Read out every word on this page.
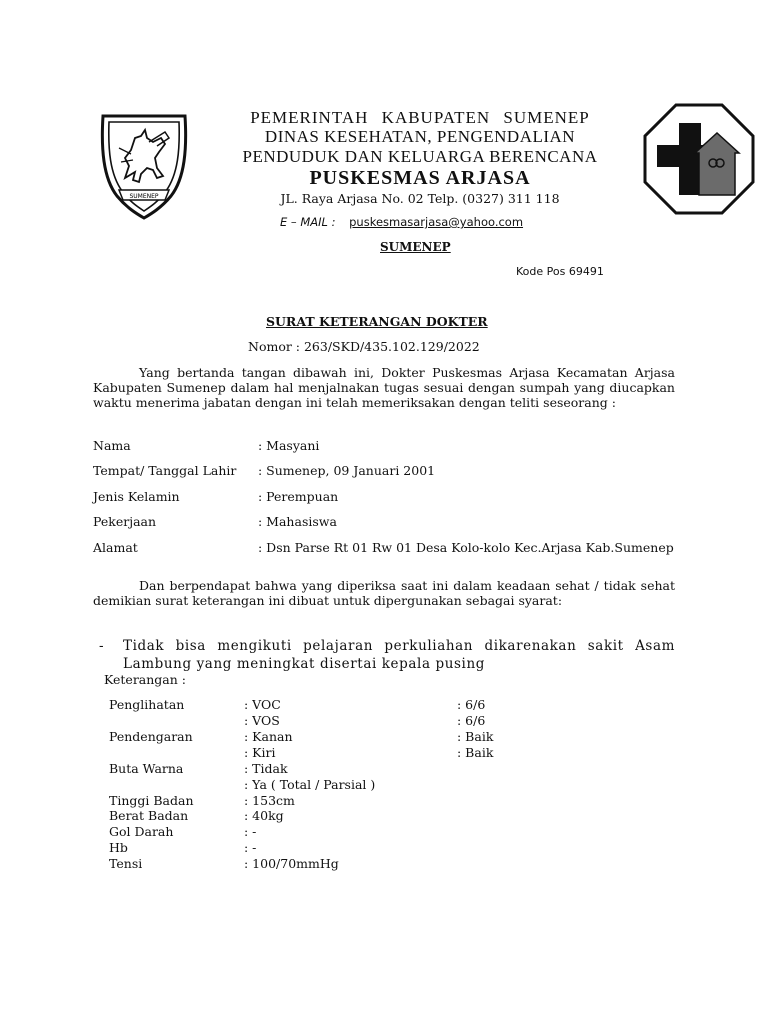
SUMENEP
PEMERINTAH KABUPATEN SUMENEP
DINAS KESEHATAN, PENGENDALIAN
PENDUDUK DAN KELUARGA BERENCANA
PUSKESMAS ARJASA
JL. Raya Arjasa No. 02 Telp. (0327) 311 118
E – MAIL : puskesmasarjasa@yahoo.com
SUMENEP
Kode Pos 69491
SURAT KETERANGAN DOKTER
Nomor : 263/SKD/435.102.129/2022
Yang bertanda tangan dibawah ini, Dokter Puskesmas Arjasa Kecamatan Arjasa Kabupaten Sumenep dalam hal menjalnakan tugas sesuai dengan sumpah yang diucapkan waktu menerima jabatan dengan ini telah memeriksakan dengan teliti seseorang :
Nama	: Masyani
Tempat/ Tanggal Lahir : Sumenep, 09 Januari 2001
Jenis Kelamin	: Perempuan
Pekerjaan	: Mahasiswa
Alamat	: Dsn Parse Rt 01 Rw 01 Desa Kolo-kolo Kec.Arjasa Kab.Sumenep
Dan berpendapat bahwa yang diperiksa saat ini dalam keadaan sehat / tidak sehat demikian surat keterangan ini dibuat untuk dipergunakan sebagai syarat:
- Tidak bisa mengikuti pelajaran perkuliahan dikarenakan sakit Asam Lambung yang meningkat disertai kepala pusing
Keterangan :
Penglihatan	: VOC	: 6/6
: VOS	: 6/6
Pendengaran	: Kanan	: Baik
: Kiri	: Baik
Buta Warna	: Tidak
: Ya ( Total / Parsial )
Tinggi Badan	: 153cm
Berat Badan	: 40kg
Gol Darah	: -
Hb	: -
Tensi	: 100/70mmHg
